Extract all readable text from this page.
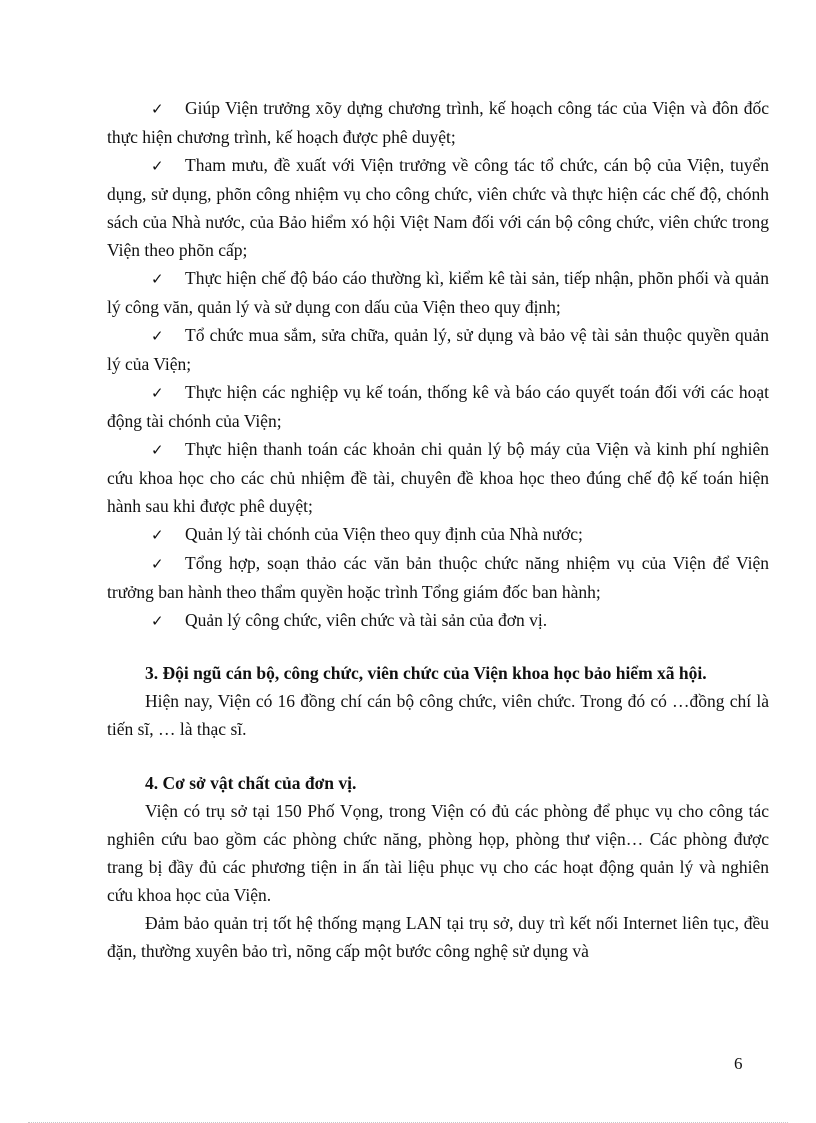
✓ Giúp Viện trưởng xõy dựng chương trình, kế hoạch công tác của Viện và đôn đốc thực hiện chương trình, kế hoạch được phê duyệt;

✓ Tham mưu, đề xuất với Viện trưởng về công tác tổ chức, cán bộ của Viện, tuyển dụng, sử dụng, phõn công nhiệm vụ cho công chức, viên chức và thực hiện các chế độ, chónh sách của Nhà nước, của Bảo hiểm xó hội Việt Nam đối với cán bộ công chức, viên chức trong Viện theo phõn cấp;

✓ Thực hiện chế độ báo cáo thường kì, kiểm kê tài sản, tiếp nhận, phõn phối và quản lý công văn, quản lý và sử dụng con dấu của Viện theo quy định;

✓ Tổ chức mua sắm, sửa chữa, quản lý, sử dụng và bảo vệ tài sản thuộc quyền quản lý của Viện;

✓ Thực hiện các nghiệp vụ kế toán, thống kê và báo cáo quyết toán đối với các hoạt động tài chónh của Viện;

✓ Thực hiện thanh toán các khoản chi quản lý bộ máy của Viện và kinh phí nghiên cứu khoa học cho các chủ nhiệm đề tài, chuyên đề khoa học theo đúng chế độ kế toán hiện hành sau khi được phê duyệt;

✓ Quản lý tài chónh của Viện theo quy định của Nhà nước;

✓ Tổng hợp, soạn thảo các văn bản thuộc chức năng nhiệm vụ của Viện để Viện trưởng ban hành theo thẩm quyền hoặc trình Tổng giám đốc ban hành;

✓ Quản lý công chức, viên chức và tài sản của đơn vị.

3. Đội ngũ cán bộ, công chức, viên chức của Viện khoa học bảo hiểm xã hội.

Hiện nay, Viện có 16 đồng chí cán bộ công chức, viên chức. Trong đó có …đồng chí là tiến sĩ, … là thạc sĩ.

4. Cơ sở vật chất của đơn vị.

Viện có trụ sở tại 150 Phố Vọng, trong Viện có đủ các phòng để phục vụ cho công tác nghiên cứu bao gồm các phòng chức năng, phòng họp, phòng thư viện… Các phòng được trang bị đầy đủ các phương tiện in ấn tài liệu phục vụ cho các hoạt động quản lý và nghiên cứu khoa học của Viện.

Đảm bảo quản trị tốt hệ thống mạng LAN tại trụ sở, duy trì kết nối Internet liên tục, đều đặn, thường xuyên bảo trì, nõng cấp một bước công nghệ sử dụng và

6
